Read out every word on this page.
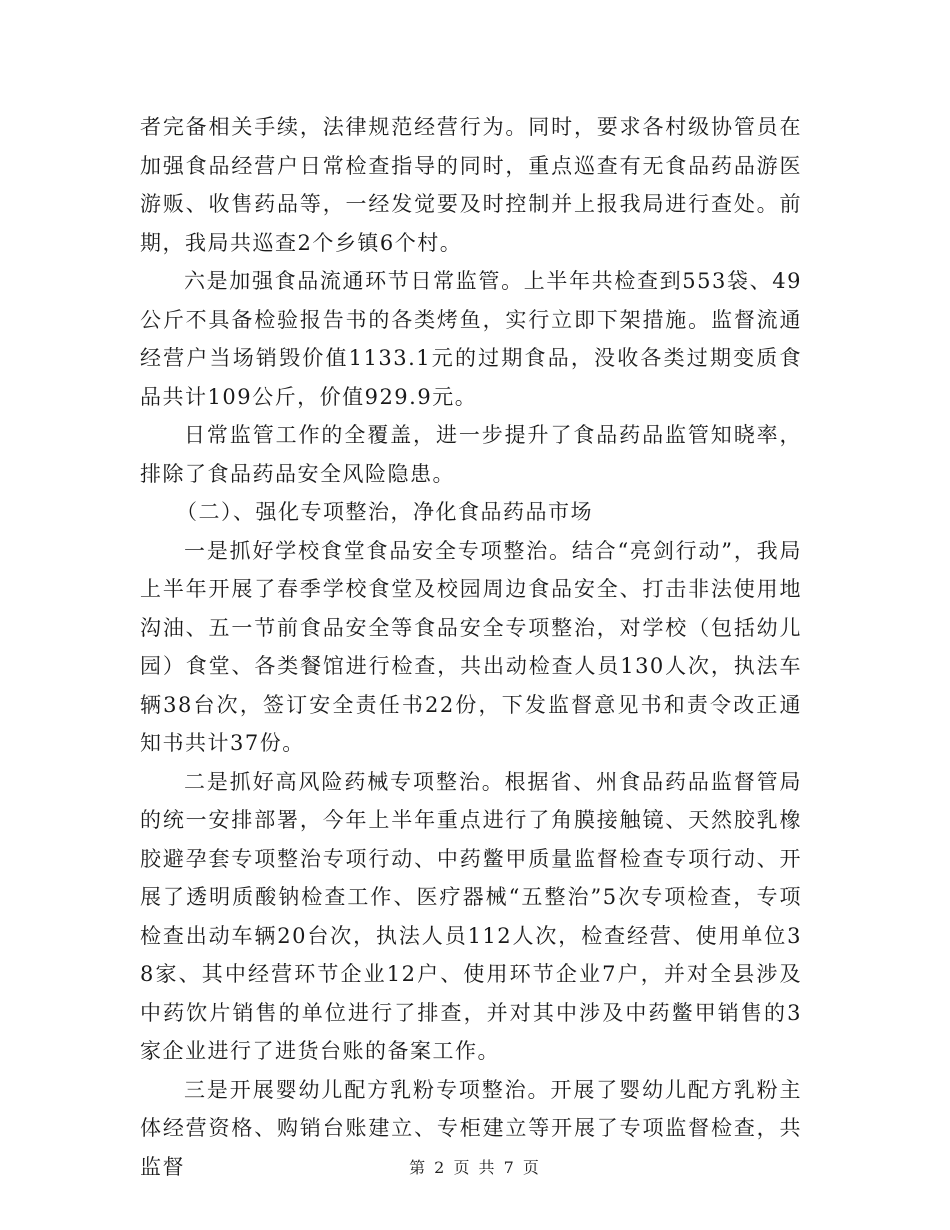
者完备相关手续，法律规范经营行为。同时，要求各村级协管员在加强食品经营户日常检查指导的同时，重点巡查有无食品药品游医游贩、收售药品等，一经发觉要及时控制并上报我局进行查处。前期，我局共巡查2个乡镇6个村。

六是加强食品流通环节日常监管。上半年共检查到553袋、49公斤不具备检验报告书的各类烤鱼，实行立即下架措施。监督流通经营户当场销毁价值1133.1元的过期食品，没收各类过期变质食品共计109公斤，价值929.9元。

日常监管工作的全覆盖，进一步提升了食品药品监管知晓率，排除了食品药品安全风险隐患。

（二）、强化专项整治，净化食品药品市场

一是抓好学校食堂食品安全专项整治。结合“亮剑行动”，我局上半年开展了春季学校食堂及校园周边食品安全、打击非法使用地沟油、五一节前食品安全等食品安全专项整治，对学校（包括幼儿园）食堂、各类餐馆进行检查，共出动检查人员130人次，执法车辆38台次，签订安全责任书22份，下发监督意见书和责令改正通知书共计37份。

二是抓好高风险药械专项整治。根据省、州食品药品监督管局的统一安排部署，今年上半年重点进行了角膜接触镜、天然胶乳橡胶避孕套专项整治专项行动、中药鳖甲质量监督检查专项行动、开展了透明质酸钠检查工作、医疗器械“五整治”5次专项检查，专项检查出动车辆20台次，执法人员112人次，检查经营、使用单位38家、其中经营环节企业12户、使用环节企业7户，并对全县涉及中药饮片销售的单位进行了排查，并对其中涉及中药鳖甲销售的3家企业进行了进货台账的备案工作。

三是开展婴幼儿配方乳粉专项整治。开展了婴幼儿配方乳粉主体经营资格、购销台账建立、专柜建立等开展了专项监督检查，共监督	第 2 页 共 7 页
